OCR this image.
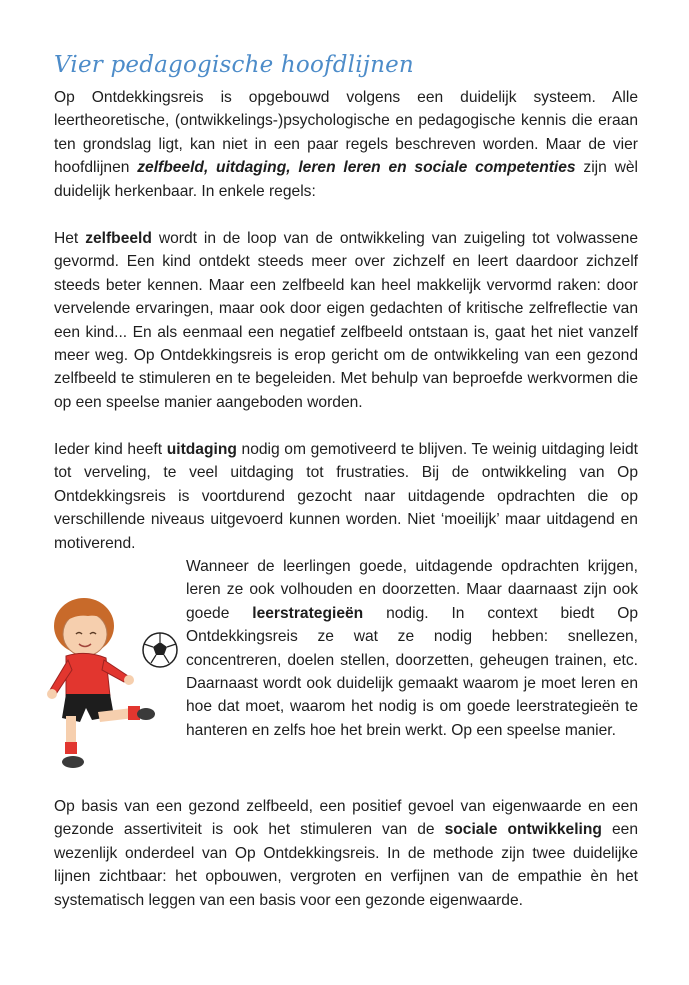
Vier pedagogische hoofdlijnen

Op Ontdekkingsreis is opgebouwd volgens een duidelijk systeem. Alle leertheoretische, (ontwikkelings-)psychologische en pedagogische kennis die eraan ten grondslag ligt, kan niet in een paar regels beschreven worden. Maar de vier hoofdlijnen zelfbeeld, uitdaging, leren leren en sociale competenties zijn wèl duidelijk herkenbaar. In enkele regels:

Het zelfbeeld wordt in de loop van de ontwikkeling van zuigeling tot volwassene gevormd. Een kind ontdekt steeds meer over zichzelf en leert daardoor zichzelf steeds beter kennen. Maar een zelfbeeld kan heel makkelijk vervormd raken: door vervelende ervaringen, maar ook door eigen gedachten of kritische zelfreflectie van een kind... En als eenmaal een negatief zelfbeeld ontstaan is, gaat het niet vanzelf meer weg. Op Ontdekkingsreis is erop gericht om de ontwikkeling van een gezond zelfbeeld te stimuleren en te begeleiden. Met behulp van beproefde werkvormen die op een speelse manier aangeboden worden.

Ieder kind heeft uitdaging nodig om gemotiveerd te blijven. Te weinig uitdaging leidt tot verveling, te veel uitdaging tot frustraties. Bij de ontwikkeling van Op Ontdekkingsreis is voortdurend gezocht naar uitdagende opdrachten die op verschillende niveaus uitgevoerd kunnen worden. Niet ‘moeilijk’ maar uitdagend en motiverend.

Wanneer de leerlingen goede, uitdagende opdrachten krijgen, leren ze ook volhouden en doorzetten. Maar daarnaast zijn ook goede leerstrategieën nodig. In context biedt Op Ontdekkingsreis ze wat ze nodig hebben: snellezen, concentreren, doelen stellen, doorzetten, geheugen trainen, etc. Daarnaast wordt ook duidelijk gemaakt waarom je moet leren en hoe dat moet, waarom het nodig is om goede leerstrategieën te hanteren en zelfs hoe het brein werkt. Op een speelse manier.

Op basis van een gezond zelfbeeld, een positief gevoel van eigenwaarde en een gezonde assertiviteit is ook het stimuleren van de sociale ontwikkeling een wezenlijk onderdeel van Op Ontdekkingsreis. In de methode zijn twee duidelijke lijnen zichtbaar: het opbouwen, vergroten en verfijnen van de empathie èn het systematisch leggen van een basis voor een gezonde eigenwaarde.
